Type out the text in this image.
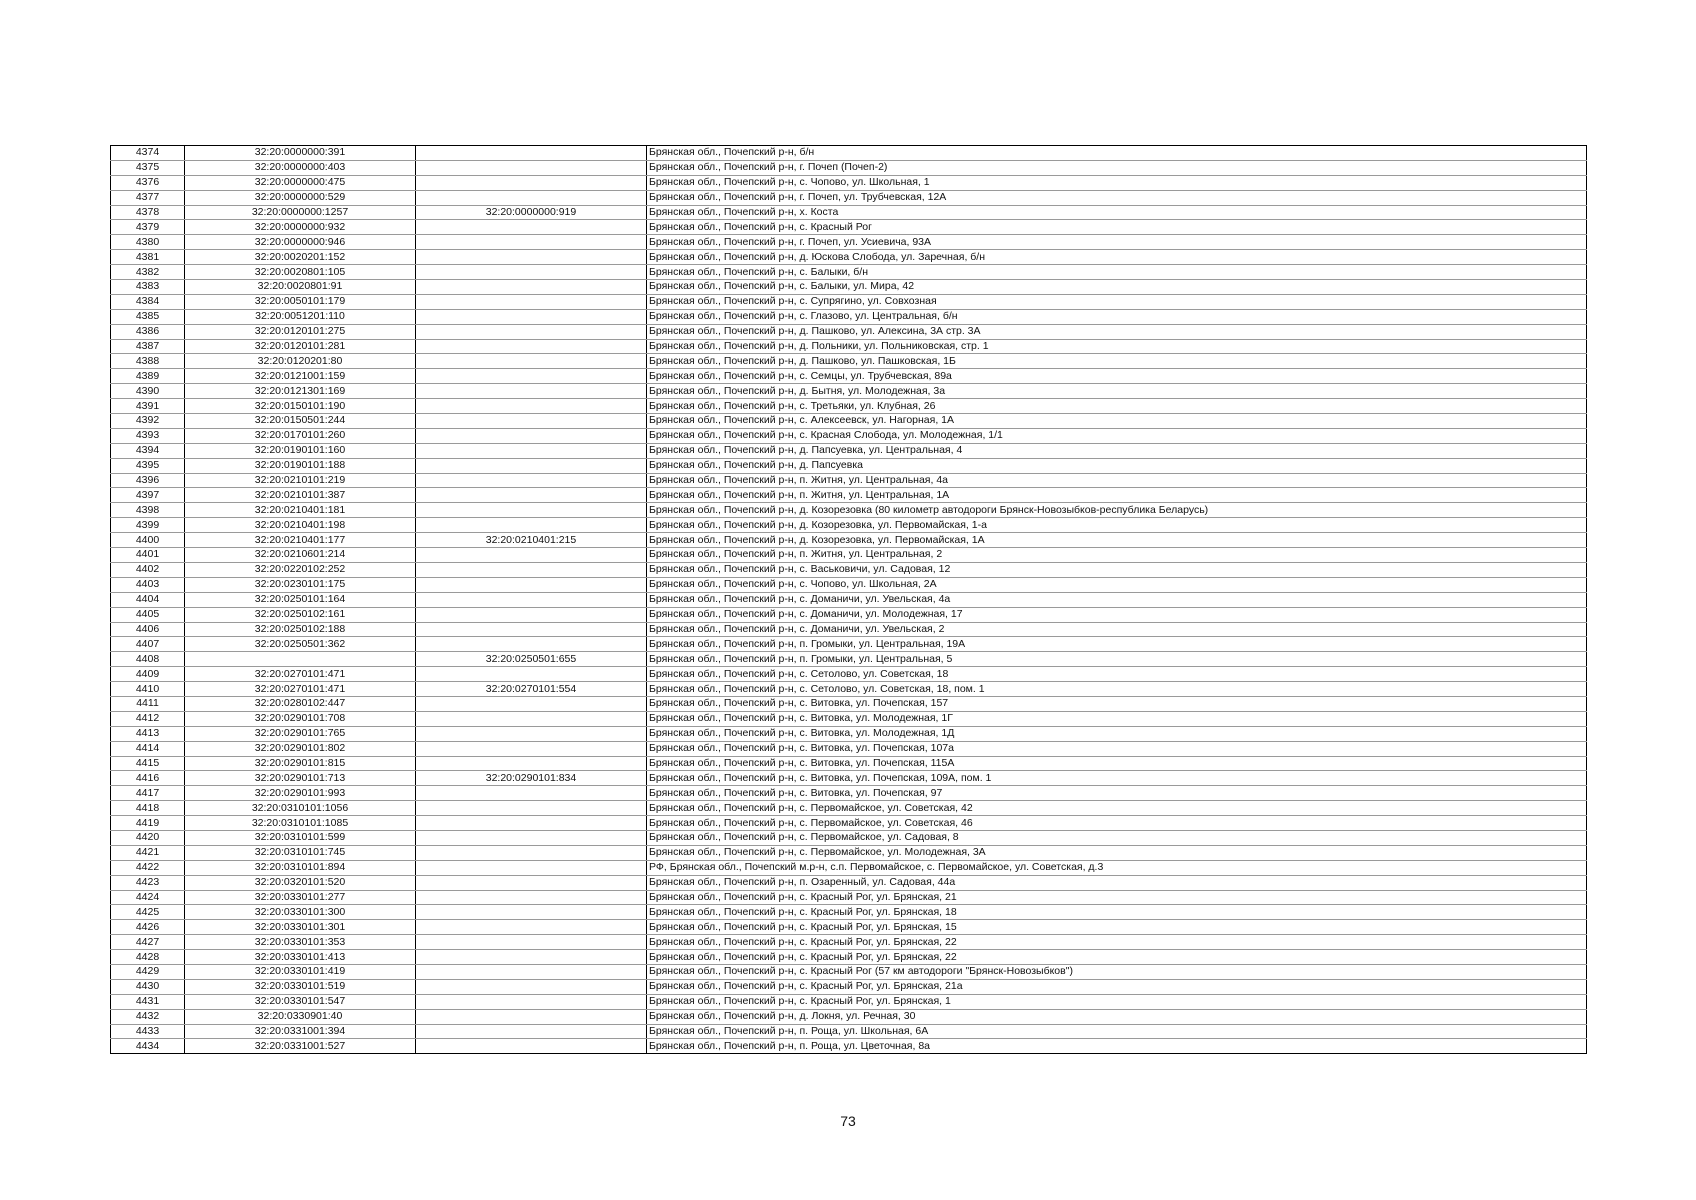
4374	32:20:0000000:391		Брянская обл., Почепский р-н, б/н
4375	32:20:0000000:403		Брянская обл., Почепский р-н, г. Почеп (Почеп-2)
4376	32:20:0000000:475		Брянская обл., Почепский р-н, с. Чопово, ул. Школьная, 1
4377	32:20:0000000:529		Брянская обл., Почепский р-н, г. Почеп, ул. Трубчевская, 12А
4378	32:20:0000000:1257	32:20:0000000:919	Брянская обл., Почепский р-н, х. Коста
4379	32:20:0000000:932		Брянская обл., Почепский р-н, с. Красный Рог
4380	32:20:0000000:946		Брянская обл., Почепский р-н, г. Почеп, ул. Усиевича, 93А
4381	32:20:0020201:152		Брянская обл., Почепский р-н, д. Юскова Слобода, ул. Заречная, б/н
4382	32:20:0020801:105		Брянская обл., Почепский р-н, с. Балыки, б/н
4383	32:20:0020801:91		Брянская обл., Почепский р-н, с. Балыки, ул. Мира, 42
4384	32:20:0050101:179		Брянская обл., Почепский р-н, с. Супрягино, ул. Совхозная
4385	32:20:0051201:110		Брянская обл., Почепский р-н, с. Глазово, ул. Центральная, б/н
4386	32:20:0120101:275		Брянская обл., Почепский р-н, д. Пашково, ул. Алексина, 3А стр. 3А
4387	32:20:0120101:281		Брянская обл., Почепский р-н, д. Польники, ул. Польниковская, стр. 1
4388	32:20:0120201:80		Брянская обл., Почепский р-н, д. Пашково, ул. Пашковская, 1Б
4389	32:20:0121001:159		Брянская обл., Почепский р-н, с. Семцы, ул. Трубчевская, 89а
4390	32:20:0121301:169		Брянская обл., Почепский р-н, д. Бытня, ул. Молодежная, 3а
4391	32:20:0150101:190		Брянская обл., Почепский р-н, с. Третьяки, ул. Клубная, 26
4392	32:20:0150501:244		Брянская обл., Почепский р-н, с. Алексеевск, ул. Нагорная, 1А
4393	32:20:0170101:260		Брянская обл., Почепский р-н, с. Красная Слобода, ул. Молодежная, 1/1
4394	32:20:0190101:160		Брянская обл., Почепский р-н, д. Папсуевка, ул. Центральная, 4
4395	32:20:0190101:188		Брянская обл., Почепский р-н, д. Папсуевка
4396	32:20:0210101:219		Брянская обл., Почепский р-н, п. Житня, ул. Центральная, 4а
4397	32:20:0210101:387		Брянская обл., Почепский р-н, п. Житня, ул. Центральная, 1А
4398	32:20:0210401:181		Брянская обл., Почепский р-н, д. Козорезовка (80 километр автодороги Брянск-Новозыбков-республика Беларусь)
4399	32:20:0210401:198		Брянская обл., Почепский р-н, д. Козорезовка, ул. Первомайская, 1-а
4400	32:20:0210401:177	32:20:0210401:215	Брянская обл., Почепский р-н, д. Козорезовка, ул. Первомайская, 1А
4401	32:20:0210601:214		Брянская обл., Почепский р-н, п. Житня, ул. Центральная, 2
4402	32:20:0220102:252		Брянская обл., Почепский р-н, с. Васьковичи, ул. Садовая, 12
4403	32:20:0230101:175		Брянская обл., Почепский р-н, с. Чопово, ул. Школьная, 2А
4404	32:20:0250101:164		Брянская обл., Почепский р-н, с. Доманичи, ул. Увельская, 4а
4405	32:20:0250102:161		Брянская обл., Почепский р-н, с. Доманичи, ул. Молодежная, 17
4406	32:20:0250102:188		Брянская обл., Почепский р-н, с. Доманичи, ул. Увельская, 2
4407	32:20:0250501:362		Брянская обл., Почепский р-н, п. Громыки, ул. Центральная, 19А
4408		32:20:0250501:655	Брянская обл., Почепский р-н, п. Громыки, ул. Центральная, 5
4409	32:20:0270101:471		Брянская обл., Почепский р-н, с. Сетолово, ул. Советская, 18
4410	32:20:0270101:471	32:20:0270101:554	Брянская обл., Почепский р-н, с. Сетолово, ул. Советская, 18, пом. 1
4411	32:20:0280102:447		Брянская обл., Почепский р-н, с. Витовка, ул. Почепская, 157
4412	32:20:0290101:708		Брянская обл., Почепский р-н, с. Витовка, ул. Молодежная, 1Г
4413	32:20:0290101:765		Брянская обл., Почепский р-н, с. Витовка, ул. Молодежная, 1Д
4414	32:20:0290101:802		Брянская обл., Почепский р-н, с. Витовка, ул. Почепская, 107а
4415	32:20:0290101:815		Брянская обл., Почепский р-н, с. Витовка, ул. Почепская, 115А
4416	32:20:0290101:713	32:20:0290101:834	Брянская обл., Почепский р-н, с. Витовка, ул. Почепская, 109А, пом. 1
4417	32:20:0290101:993		Брянская обл., Почепский р-н, с. Витовка, ул. Почепская, 97
4418	32:20:0310101:1056		Брянская обл., Почепский р-н, с. Первомайское, ул. Советская, 42
4419	32:20:0310101:1085		Брянская обл., Почепский р-н, с. Первомайское, ул. Советская, 46
4420	32:20:0310101:599		Брянская обл., Почепский р-н, с. Первомайское, ул. Садовая, 8
4421	32:20:0310101:745		Брянская обл., Почепский р-н, с. Первомайское, ул. Молодежная, 3А
4422	32:20:0310101:894		РФ, Брянская обл., Почепский м.р-н, с.п. Первомайское, с. Первомайское, ул. Советская, д.3
4423	32:20:0320101:520		Брянская обл., Почепский р-н, п. Озаренный, ул. Садовая, 44а
4424	32:20:0330101:277		Брянская обл., Почепский р-н, с. Красный Рог, ул. Брянская, 21
4425	32:20:0330101:300		Брянская обл., Почепский р-н, с. Красный Рог, ул. Брянская, 18
4426	32:20:0330101:301		Брянская обл., Почепский р-н, с. Красный Рог, ул. Брянская, 15
4427	32:20:0330101:353		Брянская обл., Почепский р-н, с. Красный Рог, ул. Брянская, 22
4428	32:20:0330101:413		Брянская обл., Почепский р-н, с. Красный Рог, ул. Брянская, 22
4429	32:20:0330101:419		Брянская обл., Почепский р-н, с. Красный Рог (57 км автодороги "Брянск-Новозыбков")
4430	32:20:0330101:519		Брянская обл., Почепский р-н, с. Красный Рог, ул. Брянская, 21а
4431	32:20:0330101:547		Брянская обл., Почепский р-н, с. Красный Рог, ул. Брянская, 1
4432	32:20:0330901:40		Брянская обл., Почепский р-н, д. Локня, ул. Речная, 30
4433	32:20:0331001:394		Брянская обл., Почепский р-н, п. Роща, ул. Школьная, 6А
4434	32:20:0331001:527		Брянская обл., Почепский р-н, п. Роща, ул. Цветочная, 8а
73
